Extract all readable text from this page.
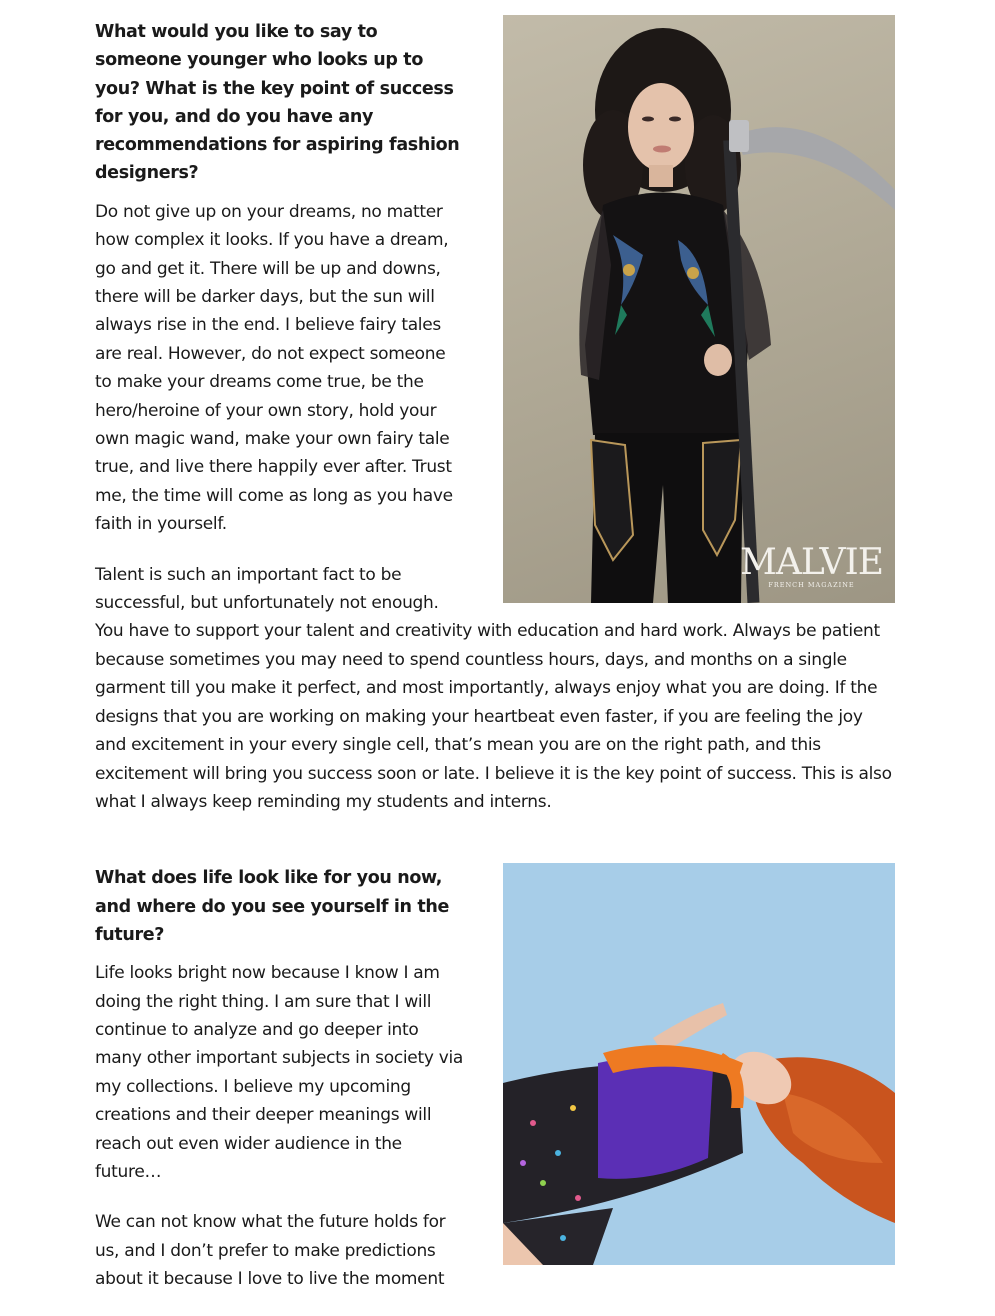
MALVIE
FRENCH MAGAZINE

What would you like to say to someone younger who looks up to you? What is the key point of success for you, and do you have any recommendations for aspiring fashion designers?

Do not give up on your dreams, no matter how complex it looks. If you have a dream, go and get it. There will be up and downs, there will be darker days, but the sun will always rise in the end. I believe fairy tales are real. However, do not expect someone to make your dreams come true, be the hero/heroine of your own story, hold your own magic wand, make your own fairy tale true, and live there happily ever after. Trust me, the time will come as long as you have faith in yourself.

Talent is such an important fact to be successful, but unfortunately not enough. You have to support your talent and creativity with education and hard work. Always be patient because sometimes you may need to spend countless hours, days, and months on a single garment till you make it perfect, and most importantly, always enjoy what you are doing. If the designs that you are working on making your heartbeat even faster, if you are feeling the joy and excitement in your every single cell, that’s mean you are on the right path, and this excitement will bring you success soon or late. I believe it is the key point of success. This is also what I always keep reminding my students and interns.

What does life look like for you now, and where do you see yourself in the future?

Life looks bright now because I know I am doing the right thing. I am sure that I will continue to analyze and go deeper into many other important subjects in society via my collections. I believe my upcoming creations and their deeper meanings will reach out even wider audience in the future…

We can not know what the future holds for us, and I don’t prefer to make predictions about it because I love to live the moment
